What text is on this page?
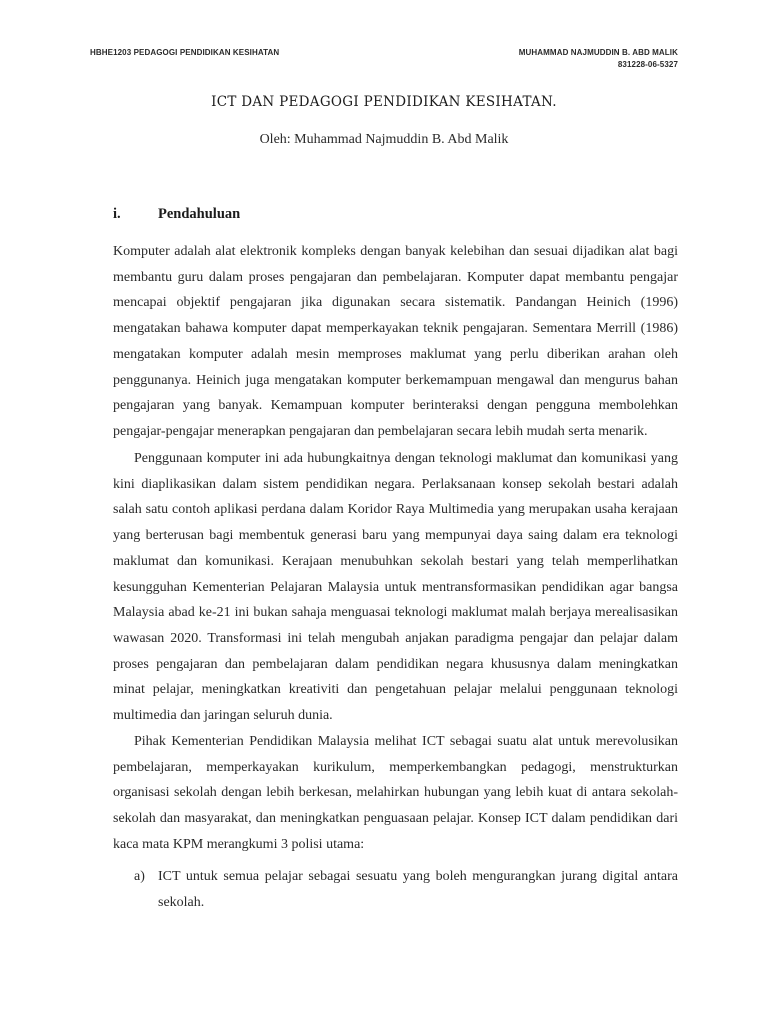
HBHE1203 PEDAGOGI PENDIDIKAN KESIHATAN	MUHAMMAD NAJMUDDIN B. ABD MALIK
831228-06-5327
ICT DAN PEDAGOGI PENDIDIKAN KESIHATAN.
Oleh: Muhammad Najmuddin B. Abd Malik
i.	Pendahuluan

Komputer adalah alat elektronik kompleks dengan banyak kelebihan dan sesuai dijadikan alat bagi membantu guru dalam proses pengajaran dan pembelajaran. Komputer dapat membantu pengajar mencapai objektif pengajaran jika digunakan secara sistematik. Pandangan Heinich (1996) mengatakan bahawa komputer dapat memperkayakan teknik pengajaran. Sementara Merrill (1986) mengatakan komputer adalah mesin memproses maklumat yang perlu diberikan arahan oleh penggunanya. Heinich juga mengatakan komputer berkemampuan mengawal dan mengurus bahan pengajaran yang banyak. Kemampuan komputer berinteraksi dengan pengguna membolehkan pengajar-pengajar menerapkan pengajaran dan pembelajaran secara lebih mudah serta menarik.

Penggunaan komputer ini ada hubungkaitnya dengan teknologi maklumat dan komunikasi yang kini diaplikasikan dalam sistem pendidikan negara. Perlaksanaan konsep sekolah bestari adalah salah satu contoh aplikasi perdana dalam Koridor Raya Multimedia yang merupakan usaha kerajaan yang berterusan bagi membentuk generasi baru yang mempunyai daya saing dalam era teknologi maklumat dan komunikasi. Kerajaan menubuhkan sekolah bestari yang telah memperlihatkan kesungguhan Kementerian Pelajaran Malaysia untuk mentransformasikan pendidikan agar bangsa Malaysia abad ke-21 ini bukan sahaja menguasai teknologi maklumat malah berjaya merealisasikan wawasan 2020. Transformasi ini telah mengubah anjakan paradigma pengajar dan pelajar dalam proses pengajaran dan pembelajaran dalam pendidikan negara khususnya dalam meningkatkan minat pelajar, meningkatkan kreativiti dan pengetahuan pelajar melalui penggunaan teknologi multimedia dan jaringan seluruh dunia.

Pihak Kementerian Pendidikan Malaysia melihat ICT sebagai suatu alat untuk merevolusikan pembelajaran, memperkayakan kurikulum, memperkembangkan pedagogi, menstrukturkan organisasi sekolah dengan lebih berkesan, melahirkan hubungan yang lebih kuat di antara sekolah-sekolah dan masyarakat, dan meningkatkan penguasaan pelajar. Konsep ICT dalam pendidikan dari kaca mata KPM merangkumi 3 polisi utama:

a) ICT untuk semua pelajar sebagai sesuatu yang boleh mengurangkan jurang digital antara sekolah.
